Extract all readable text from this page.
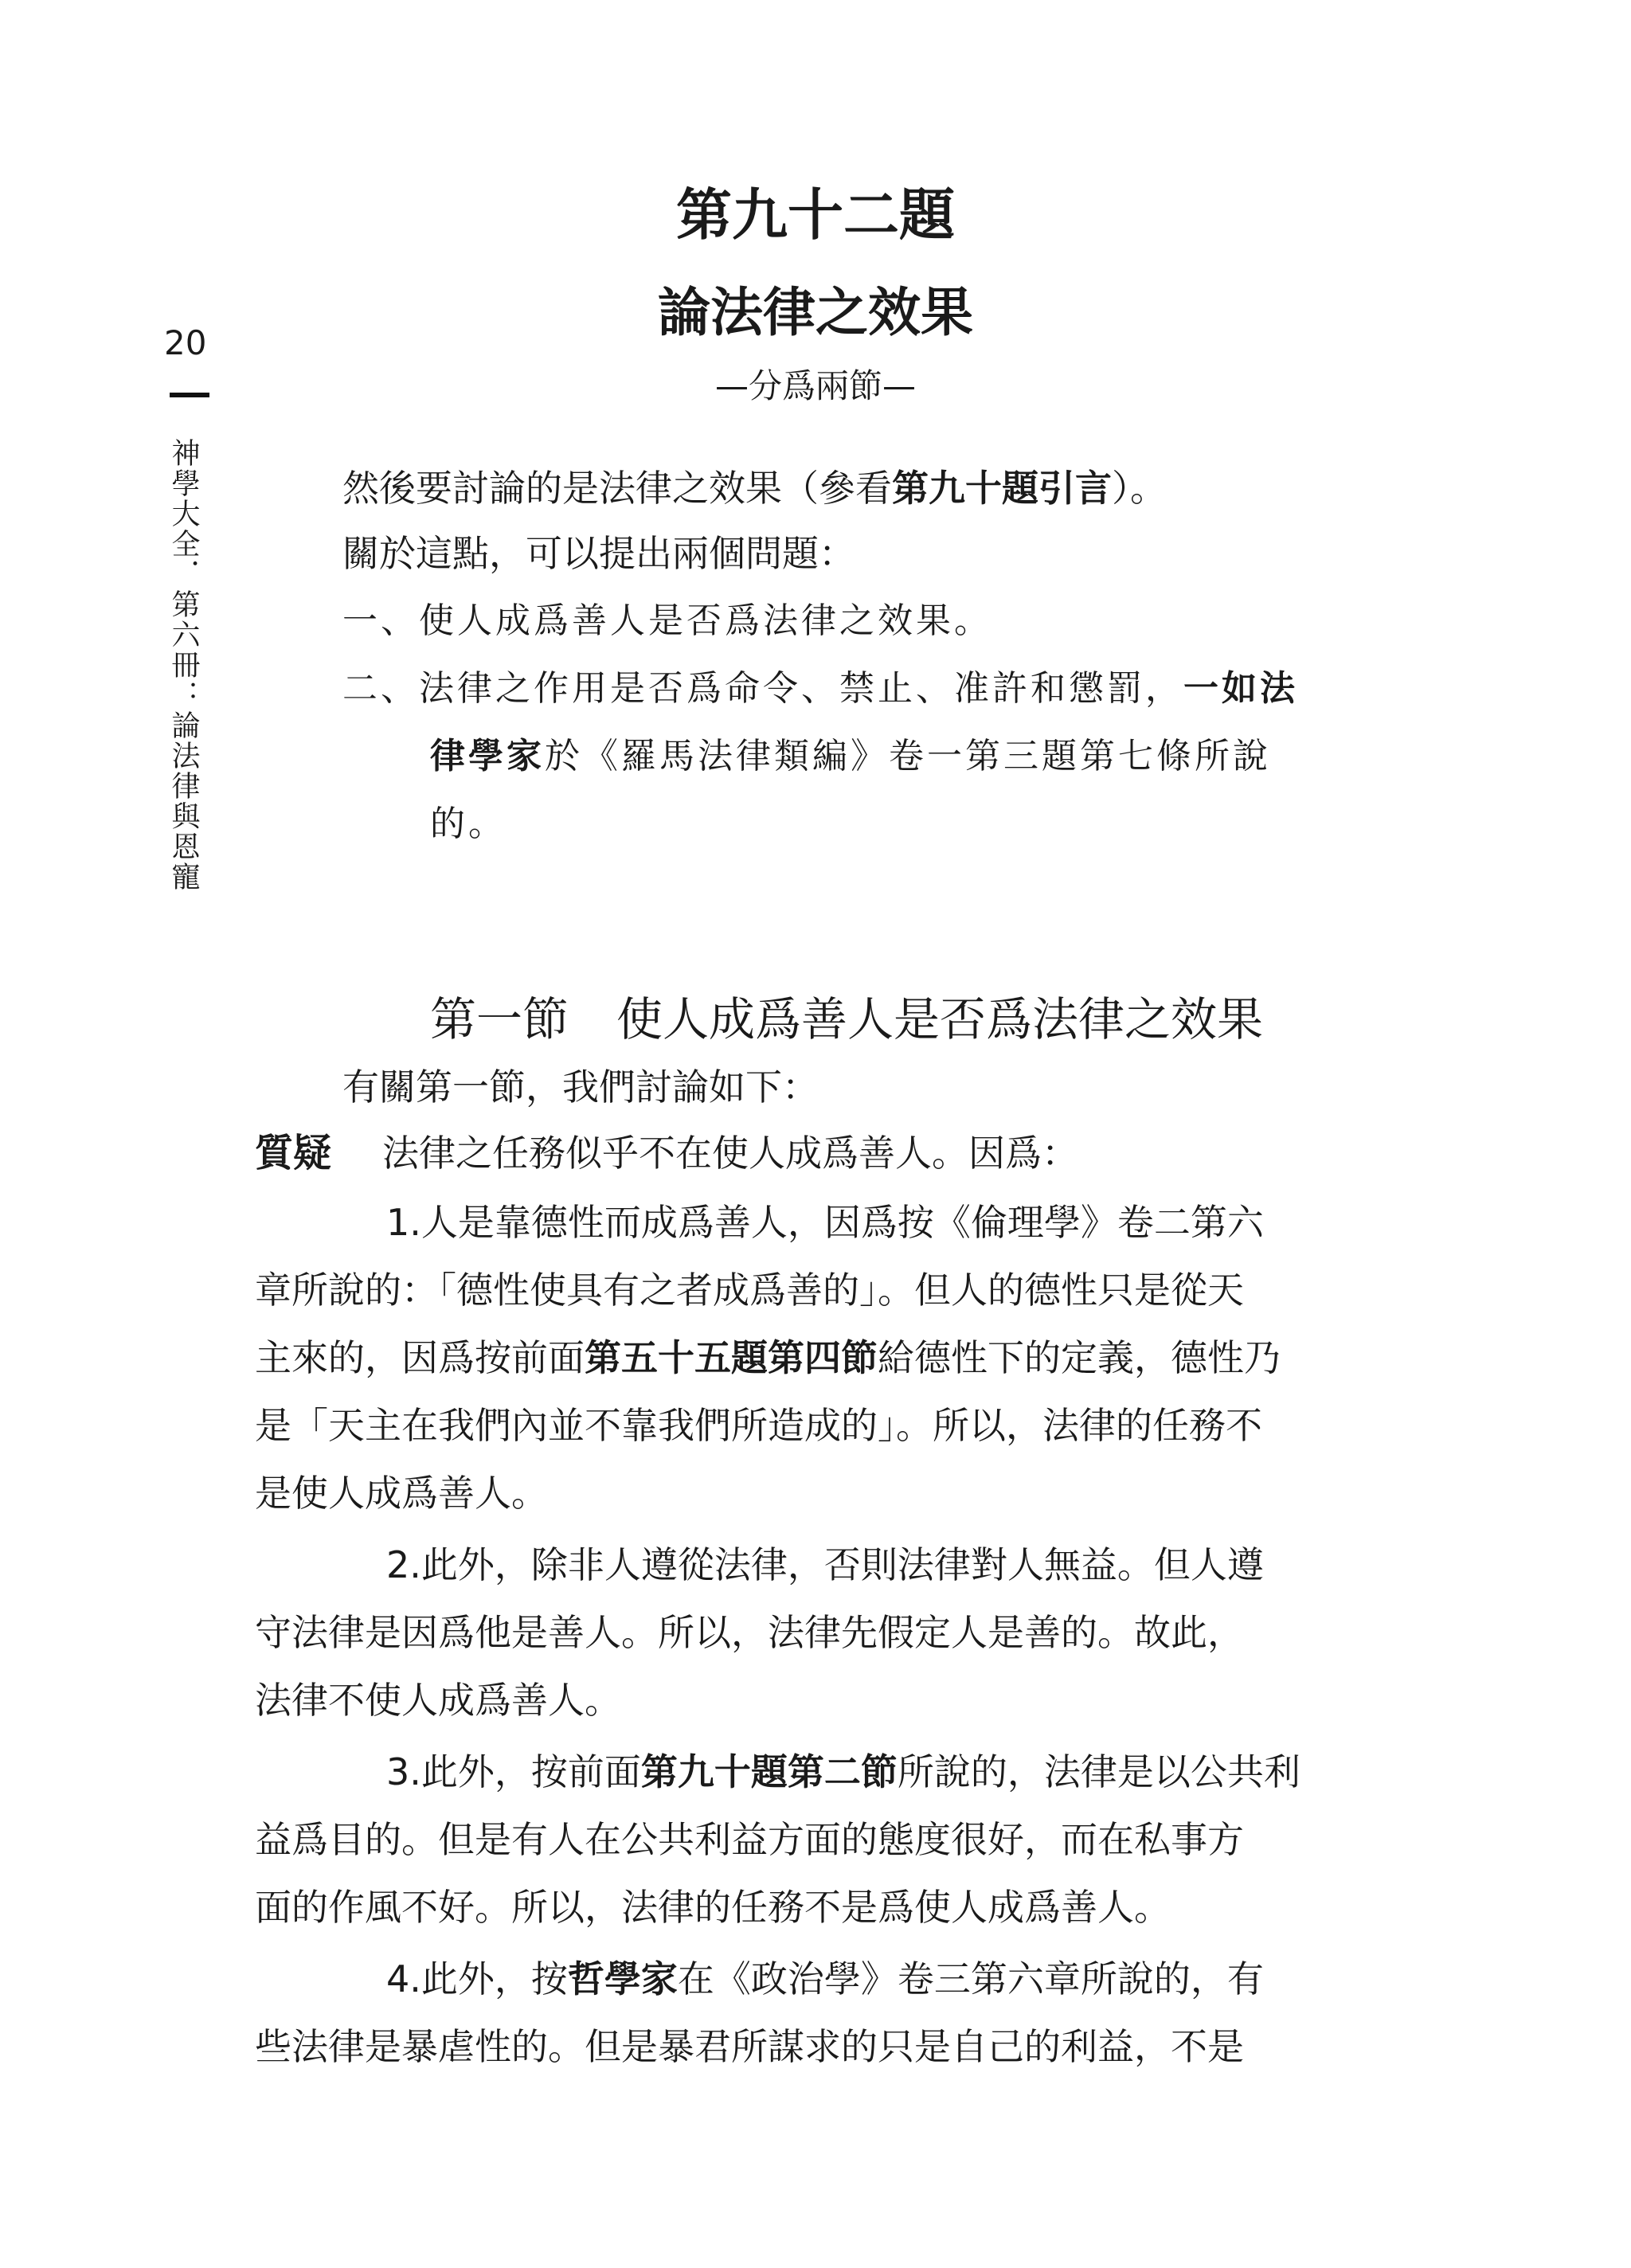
20
神學大全．第六冊：論法律與恩寵
第九十二題
論法律之效果
—分爲兩節—
然後要討論的是法律之效果（參看第九十題引言）。
關於這點，可以提出兩個問題：
一、使人成爲善人是否爲法律之效果。
二、法律之作用是否爲命令、禁止、准許和懲罰，一如法
律學家於《羅馬法律類編》卷一第三題第七條所說
的。
第一節 使人成爲善人是否爲法律之效果
有關第一節，我們討論如下：
質疑 法律之任務似乎不在使人成爲善人。因爲：
1.人是靠德性而成爲善人，因爲按《倫理學》卷二第六
章所說的：「德性使具有之者成爲善的」。但人的德性只是從天
主來的，因爲按前面第五十五題第四節給德性下的定義，德性乃
是「天主在我們內並不靠我們所造成的」。所以，法律的任務不
是使人成爲善人。
2.此外，除非人遵從法律，否則法律對人無益。但人遵
守法律是因爲他是善人。所以，法律先假定人是善的。故此，
法律不使人成爲善人。
3.此外，按前面第九十題第二節所說的，法律是以公共利
益爲目的。但是有人在公共利益方面的態度很好，而在私事方
面的作風不好。所以，法律的任務不是爲使人成爲善人。
4.此外，按哲學家在《政治學》卷三第六章所說的，有
些法律是暴虐性的。但是暴君所謀求的只是自己的利益，不是
